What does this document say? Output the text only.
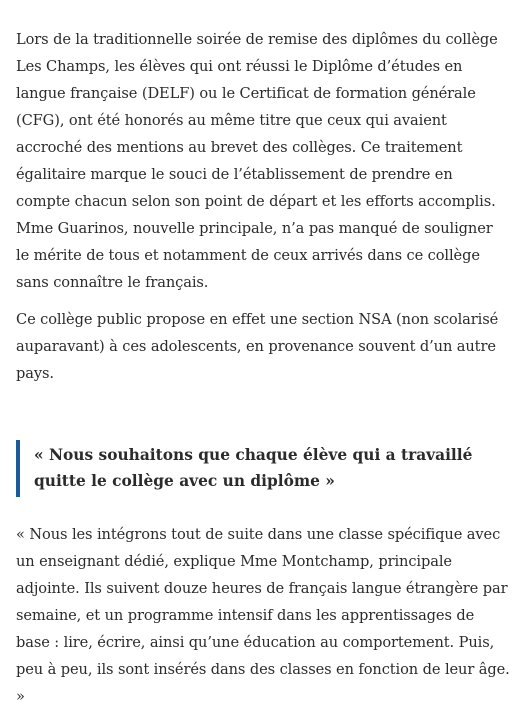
Lors de la traditionnelle soirée de remise des diplômes du collège Les Champs, les élèves qui ont réussi le Diplôme d’études en langue française (DELF) ou le Certificat de formation générale (CFG), ont été honorés au même titre que ceux qui avaient accroché des mentions au brevet des collèges. Ce traitement égalitaire marque le souci de l’établissement de prendre en compte chacun selon son point de départ et les efforts accomplis. Mme Guarinos, nouvelle principale, n’a pas manqué de souligner le mérite de tous et notamment de ceux arrivés dans ce collège sans connaître le français.

Ce collège public propose en effet une section NSA (non scolarisé auparavant) à ces adolescents, en provenance souvent d’un autre pays.

« Nous souhaitons que chaque élève qui a travaillé quitte le collège avec un diplôme »

« Nous les intégrons tout de suite dans une classe spécifique avec un enseignant dédié, explique Mme Montchamp, principale adjointe. Ils suivent douze heures de français langue étrangère par semaine, et un programme intensif dans les apprentissages de base : lire, écrire, ainsi qu’une éducation au comportement. Puis, peu à peu, ils sont insérés dans des classes en fonction de leur âge. »
